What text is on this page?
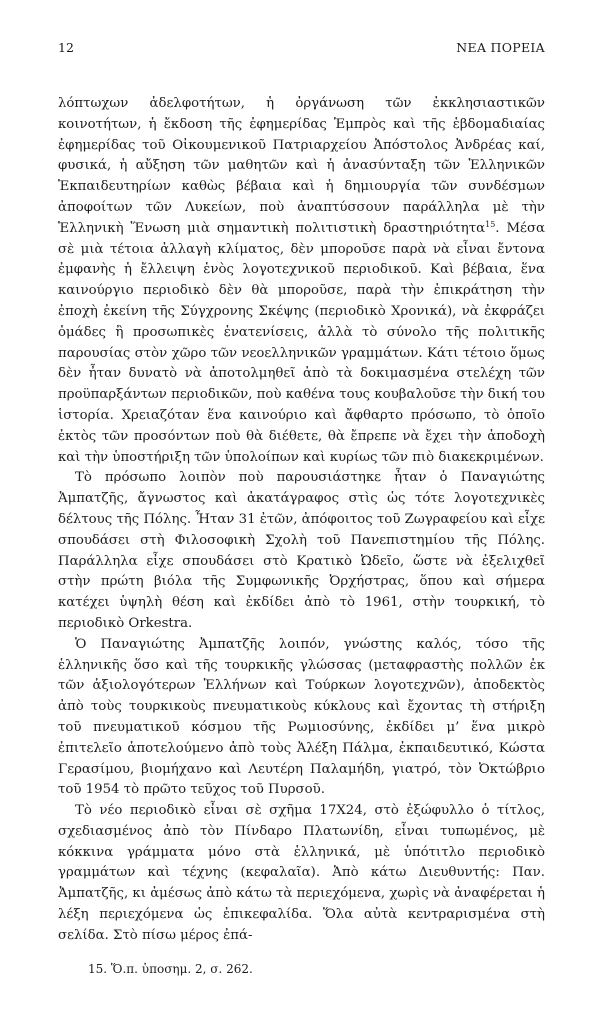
12	ΝΕΑ ΠΟΡΕΙΑ

λόπτωχων ἀδελφοτήτων, ἡ ὀργάνωση τῶν ἐκκλησιαστικῶν κοινοτήτων, ἡ ἔκδοση τῆς ἐφημερίδας Ἐμπρὸς καὶ τῆς ἑβδομαδιαίας ἐφημερίδας τοῦ Οἰκουμενικοῦ Πατριαρχείου Ἀπόστολος Ἀνδρέας καί, φυσικά, ἡ αὔξηση τῶν μαθητῶν καὶ ἡ ἀνασύνταξη τῶν Ἑλληνικῶν Ἐκπαιδευτηρίων καθὼς βέβαια καὶ ἡ δημιουργία τῶν συνδέσμων ἀποφοίτων τῶν Λυκείων, ποὺ ἀναπτύσσουν παράλληλα μὲ τὴν Ἑλληνικὴ Ἕνωση μιὰ σημαντικὴ πολιτιστικὴ δραστηριότητα$^{15}$. Μέσα σὲ μιὰ τέτοια ἀλλαγὴ κλίματος, δὲν μποροῦσε παρὰ νὰ εἶναι ἔντονα ἐμφανὴς ἡ ἔλλειψη ἑνὸς λογοτεχνικοῦ περιοδικοῦ. Καὶ βέβαια, ἕνα καινούργιο περιοδικὸ δὲν θὰ μποροῦσε, παρὰ τὴν ἐπικράτηση τὴν ἐποχὴ ἐκείνη τῆς Σύγχρονης Σκέψης (περιοδικὸ Χρονικά), νὰ ἐκφράζει ὁμάδες ἢ προσωπικὲς ἐνατενίσεις, ἀλλὰ τὸ σύνολο τῆς πολιτικῆς παρουσίας στὸν χῶρο τῶν νεοελληνικῶν γραμμάτων. Κάτι τέτοιο ὅμως δὲν ἦταν δυνατὸ νὰ ἀποτολμηθεῖ ἀπὸ τὰ δοκιμασμένα στελέχη τῶν προϋπαρξάντων περιοδικῶν, ποὺ καθένα τους κουβαλοῦσε τὴν δική του ἱστορία. Χρειαζόταν ἕνα καινούριο καὶ ἄφθαρτο πρόσωπο, τὸ ὁποῖο ἐκτὸς τῶν προσόντων ποὺ θὰ διέθετε, θὰ ἔπρεπε νὰ ἔχει τὴν ἀποδοχὴ καὶ τὴν ὑποστήριξη τῶν ὑπολοίπων καὶ κυρίως τῶν πιὸ διακεκριμένων.

Τὸ πρόσωπο λοιπὸν ποὺ παρουσιάστηκε ἦταν ὁ Παναγιώτης Ἀμπατζῆς, ἄγνωστος καὶ ἀκατάγραφος στὶς ὡς τότε λογοτεχνικὲς δέλτους τῆς Πόλης. Ἦταν 31 ἐτῶν, ἀπόφοιτος τοῦ Ζωγραφείου καὶ εἶχε σπουδάσει στὴ Φιλοσοφικὴ Σχολὴ τοῦ Πανεπιστημίου τῆς Πόλης. Παράλληλα εἶχε σπουδάσει στὸ Κρατικὸ Ὠδεῖο, ὥστε νὰ ἐξελιχθεῖ στὴν πρώτη βιόλα τῆς Συμφωνικῆς Ὀρχήστρας, ὅπου καὶ σήμερα κατέχει ὑψηλὴ θέση καὶ ἐκδίδει ἀπὸ τὸ 1961, στὴν τουρκική, τὸ περιοδικὸ Orkestra.

Ὁ Παναγιώτης Ἀμπατζῆς λοιπόν, γνώστης καλός, τόσο τῆς ἑλληνικῆς ὅσο καὶ τῆς τουρκικῆς γλώσσας (μεταφραστὴς πολλῶν ἐκ τῶν ἀξιολογότερων Ἑλλήνων καὶ Τούρκων λογοτεχνῶν), ἀποδεκτὸς ἀπὸ τοὺς τουρκικοὺς πνευματικοὺς κύκλους καὶ ἔχοντας τὴ στήριξη τοῦ πνευματικοῦ κόσμου τῆς Ρωμιοσύνης, ἐκδίδει μ’ ἕνα μικρὸ ἐπιτελεῖο ἀποτελούμενο ἀπὸ τοὺς Ἀλέξη Πάλμα, ἐκπαιδευτικό, Κώστα Γερασίμου, βιομήχανο καὶ Λευτέρη Παλαμήδη, γιατρό, τὸν Ὀκτώβριο τοῦ 1954 τὸ πρῶτο τεῦχος τοῦ Πυρσοῦ.

Τὸ νέο περιοδικὸ εἶναι σὲ σχῆμα 17Χ24, στὸ ἐξώφυλλο ὁ τίτλος, σχεδιασμένος ἀπὸ τὸν Πίνδαρο Πλατωνίδη, εἶναι τυπωμένος, μὲ κόκκινα γράμματα μόνο στὰ ἑλληνικά, μὲ ὑπότιτλο περιοδικὸ γραμμάτων καὶ τέχνης (κεφαλαῖα). Ἀπὸ κάτω Διευθυντής: Παν. Ἀμπατζῆς, κι ἀμέσως ἀπὸ κάτω τὰ περιεχόμενα, χωρὶς νὰ ἀναφέρεται ἡ λέξη περιεχόμενα ὡς ἐπικεφαλίδα. Ὅλα αὐτὰ κεντραρισμένα στὴ σελίδα. Στὸ πίσω μέρος ἐπά-

15. Ὅ.π. ὑποσημ. 2, σ. 262.
